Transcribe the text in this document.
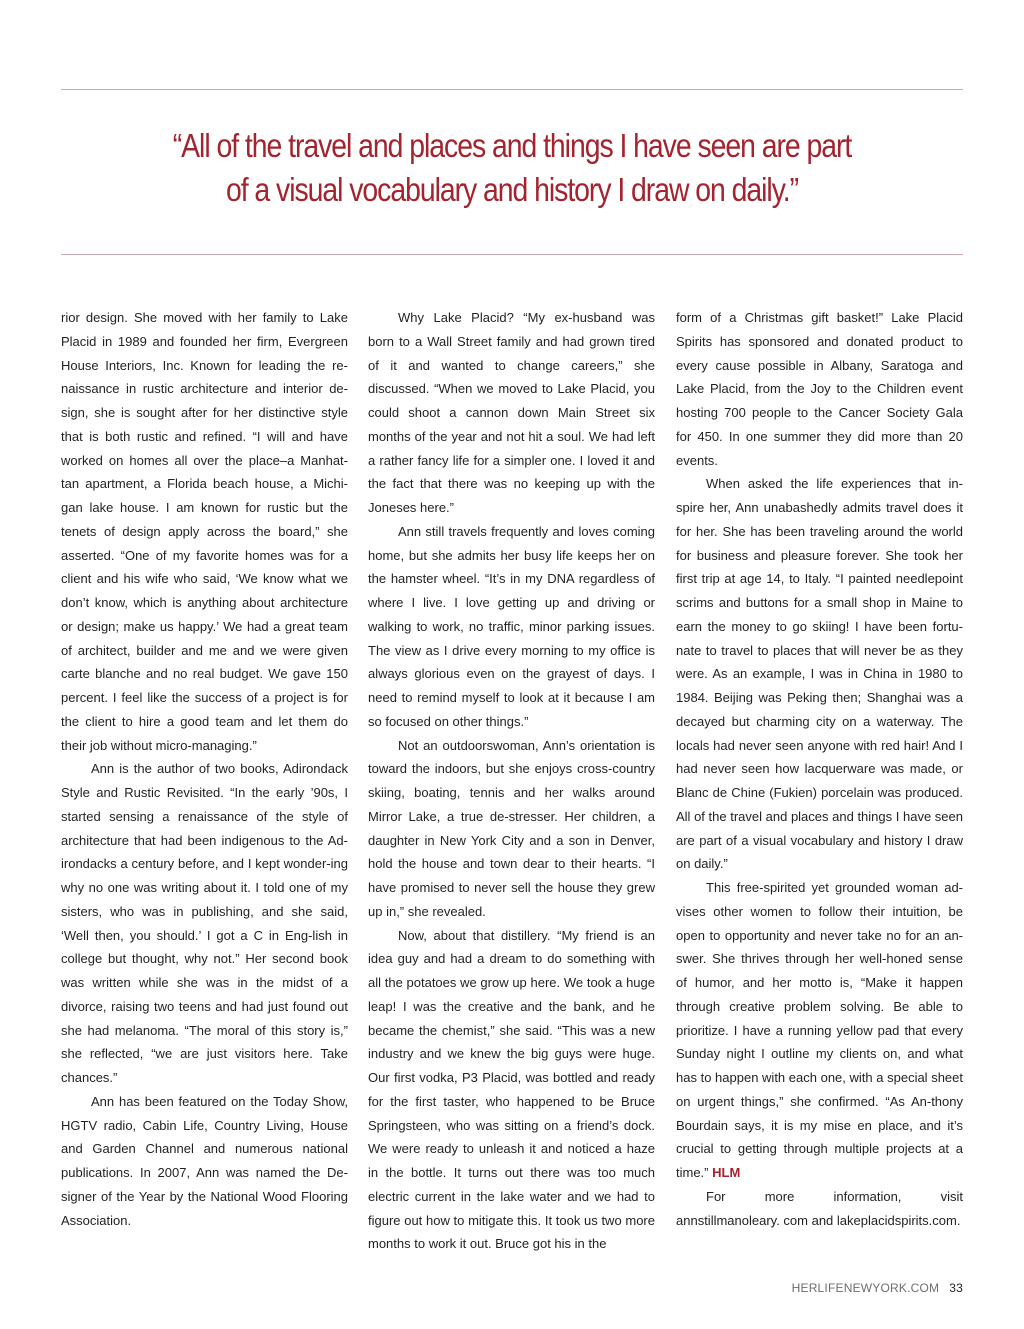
“All of the travel and places and things I have seen are part
of a visual vocabulary and history I draw on daily.”

rior design. She moved with her family to Lake Placid in 1989 and founded her firm, Evergreen House Interiors, Inc. Known for leading the re-naissance in rustic architecture and interior de-sign, she is sought after for her distinctive style that is both rustic and refined. “I will and have worked on homes all over the place–a Manhat-tan apartment, a Florida beach house, a Michi-gan lake house. I am known for rustic but the tenets of design apply across the board,” she asserted. “One of my favorite homes was for a client and his wife who said, ‘We know what we don’t know, which is anything about architecture or design; make us happy.’ We had a great team of architect, builder and me and we were given carte blanche and no real budget. We gave 150 percent. I feel like the success of a project is for the client to hire a good team and let them do their job without micro-managing.”

Ann is the author of two books, Adirondack Style and Rustic Revisited. “In the early ’90s, I started sensing a renaissance of the style of architecture that had been indigenous to the Ad-irondacks a century before, and I kept wonder-ing why no one was writing about it. I told one of my sisters, who was in publishing, and she said, ‘Well then, you should.’ I got a C in Eng-lish in college but thought, why not.” Her second book was written while she was in the midst of a divorce, raising two teens and had just found out she had melanoma. “The moral of this story is,” she reflected, “we are just visitors here. Take chances.”

Ann has been featured on the Today Show, HGTV radio, Cabin Life, Country Living, House and Garden Channel and numerous national publications. In 2007, Ann was named the De-signer of the Year by the National Wood Flooring Association.

Why Lake Placid? “My ex-husband was born to a Wall Street family and had grown tired of it and wanted to change careers,” she discussed. “When we moved to Lake Placid, you could shoot a cannon down Main Street six months of the year and not hit a soul. We had left a rather fancy life for a simpler one. I loved it and the fact that there was no keeping up with the Joneses here.”

Ann still travels frequently and loves coming home, but she admits her busy life keeps her on the hamster wheel. “It’s in my DNA regardless of where I live. I love getting up and driving or walking to work, no traffic, minor parking issues. The view as I drive every morning to my office is always glorious even on the grayest of days. I need to remind myself to look at it because I am so focused on other things.”

Not an outdoorswoman, Ann’s orientation is toward the indoors, but she enjoys cross-country skiing, boating, tennis and her walks around Mirror Lake, a true de-stresser. Her children, a daughter in New York City and a son in Denver, hold the house and town dear to their hearts. “I have promised to never sell the house they grew up in,” she revealed.

Now, about that distillery. “My friend is an idea guy and had a dream to do something with all the potatoes we grow up here. We took a huge leap! I was the creative and the bank, and he became the chemist,” she said. “This was a new industry and we knew the big guys were huge. Our first vodka, P3 Placid, was bottled and ready for the first taster, who happened to be Bruce Springsteen, who was sitting on a friend’s dock. We were ready to unleash it and noticed a haze in the bottle. It turns out there was too much electric current in the lake water and we had to figure out how to mitigate this. It took us two more months to work it out. Bruce got his in the

form of a Christmas gift basket!” Lake Placid Spirits has sponsored and donated product to every cause possible in Albany, Saratoga and Lake Placid, from the Joy to the Children event hosting 700 people to the Cancer Society Gala for 450. In one summer they did more than 20 events.

When asked the life experiences that in-spire her, Ann unabashedly admits travel does it for her. She has been traveling around the world for business and pleasure forever. She took her first trip at age 14, to Italy. “I painted needlepoint scrims and buttons for a small shop in Maine to earn the money to go skiing! I have been fortu-nate to travel to places that will never be as they were. As an example, I was in China in 1980 to 1984. Beijing was Peking then; Shanghai was a decayed but charming city on a waterway. The locals had never seen anyone with red hair! And I had never seen how lacquerware was made, or Blanc de Chine (Fukien) porcelain was produced. All of the travel and places and things I have seen are part of a visual vocabulary and history I draw on daily.”

This free-spirited yet grounded woman ad-vises other women to follow their intuition, be open to opportunity and never take no for an an-swer. She thrives through her well-honed sense of humor, and her motto is, “Make it happen through creative problem solving. Be able to prioritize. I have a running yellow pad that every Sunday night I outline my clients on, and what has to happen with each one, with a special sheet on urgent things,” she confirmed. “As An-thony Bourdain says, it is my mise en place, and it’s crucial to getting through multiple projects at a time.” HLM

For more information, visit annstillmanoleary. com and lakeplacidspirits.com.

HERLIFENEWYORK.COM 33
